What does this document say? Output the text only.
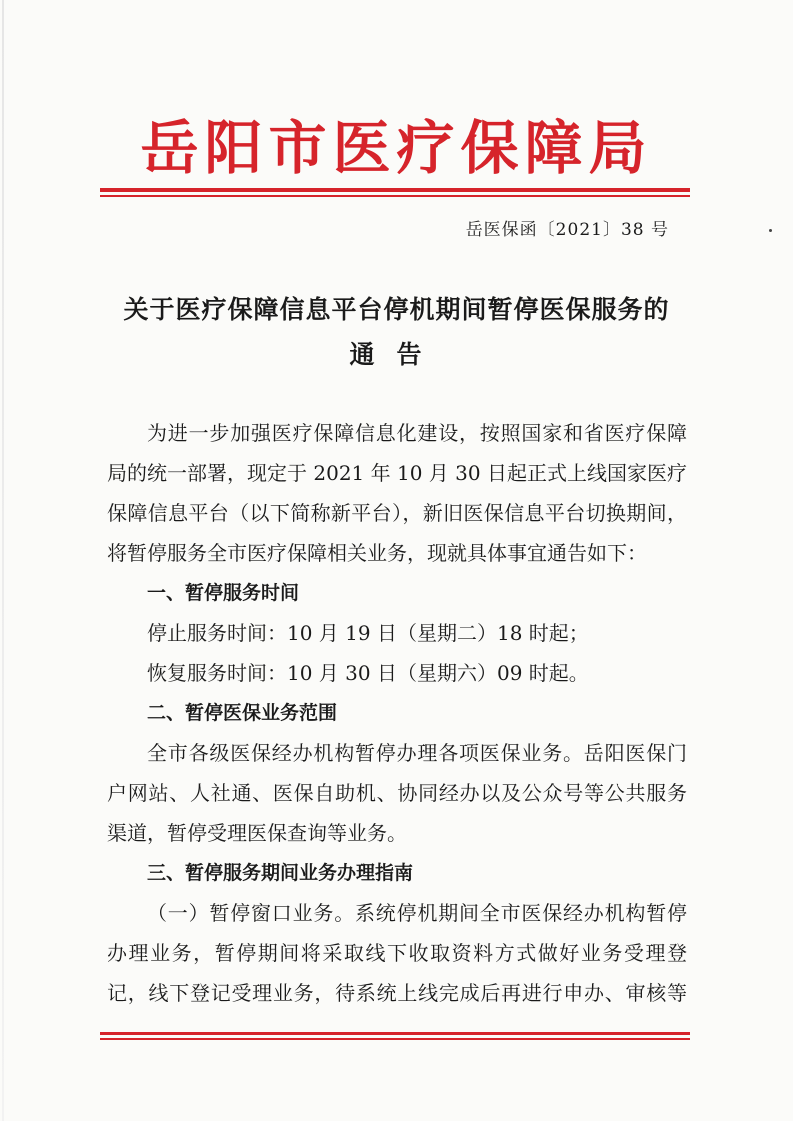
岳阳市医疗保障局
岳医保函〔2021〕38 号
关于医疗保障信息平台停机期间暂停医保服务的
通告

为进一步加强医疗保障信息化建设，按照国家和省医疗保障

局的统一部署，现定于 2021 年 10 月 30 日起正式上线国家医疗

保障信息平台（以下简称新平台），新旧医保信息平台切换期间，

将暂停服务全市医疗保障相关业务，现就具体事宜通告如下：

一、暂停服务时间

停止服务时间：10 月 19 日（星期二）18 时起；

恢复服务时间：10 月 30 日（星期六）09 时起。

二、暂停医保业务范围

全市各级医保经办机构暂停办理各项医保业务。岳阳医保门

户网站、人社通、医保自助机、协同经办以及公众号等公共服务

渠道，暂停受理医保查询等业务。

三、暂停服务期间业务办理指南

（一）暂停窗口业务。系统停机期间全市医保经办机构暂停

办理业务，暂停期间将采取线下收取资料方式做好业务受理登

记，线下登记受理业务，待系统上线完成后再进行申办、审核等
